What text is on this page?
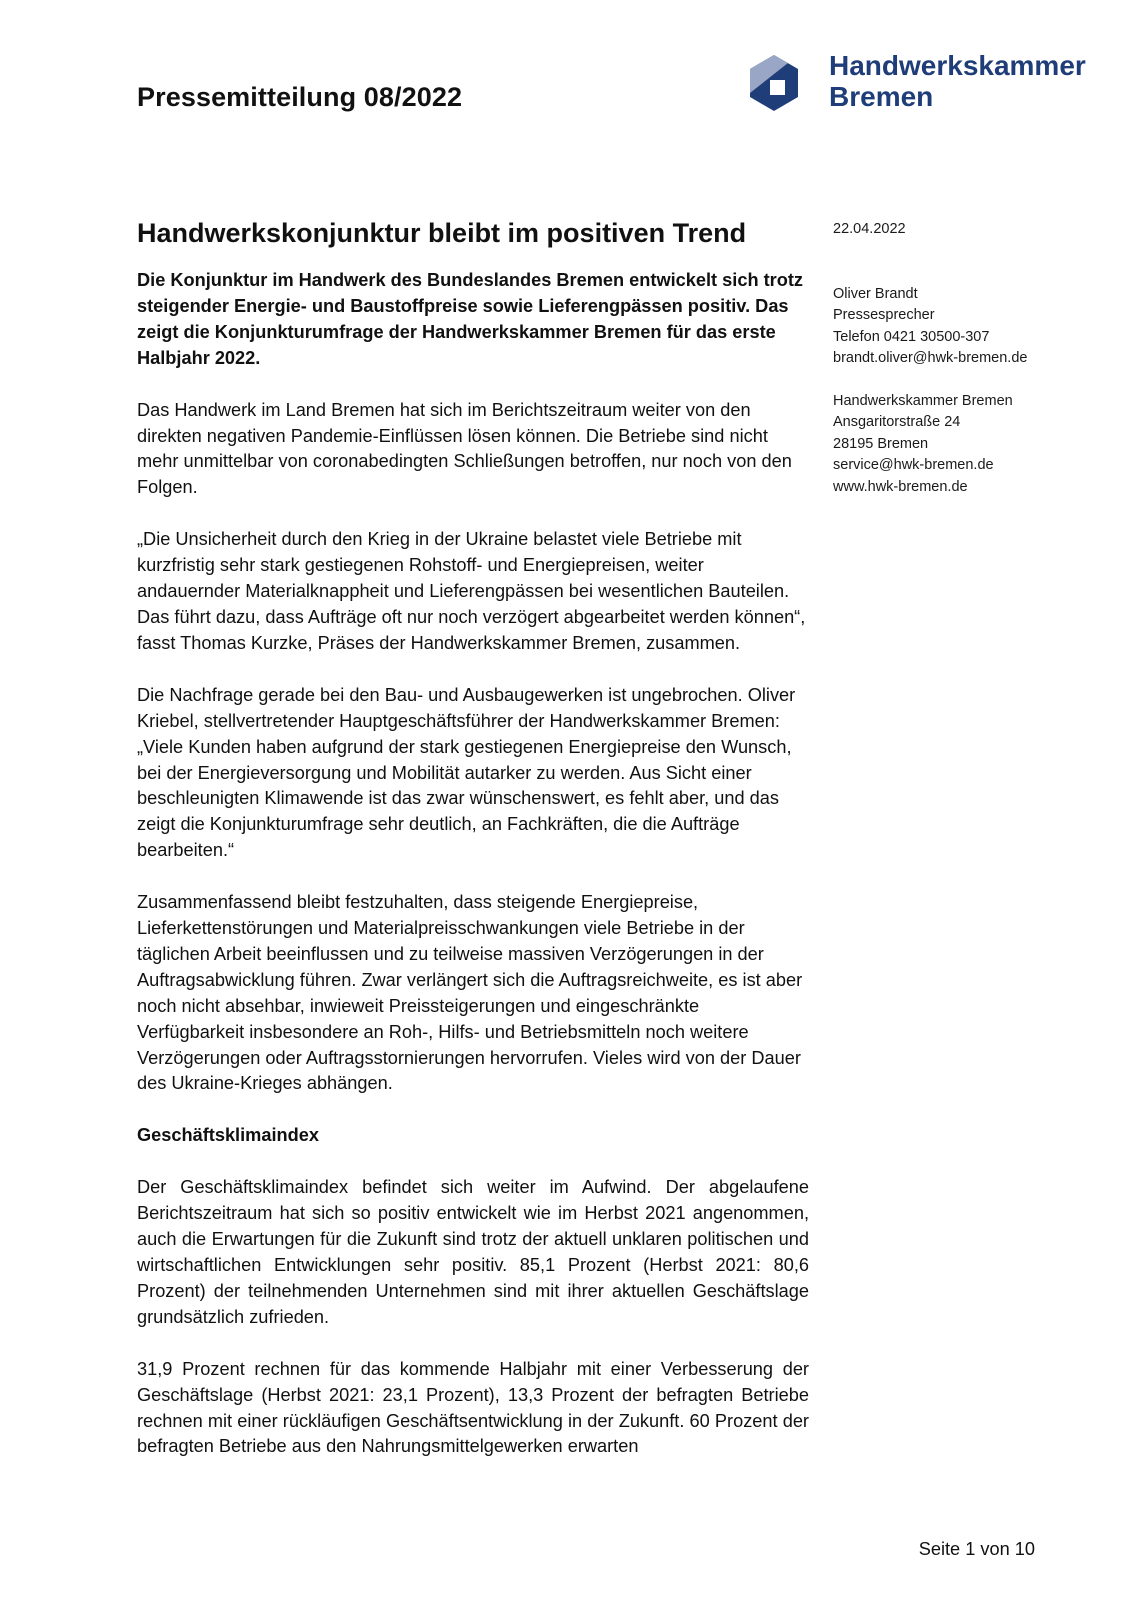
Pressemitteilung 08/2022
Handwerkskammer
Bremen
Handwerkskonjunktur bleibt im positiven Trend

Die Konjunktur im Handwerk des Bundeslandes Bremen entwickelt sich trotz steigender Energie- und Baustoffpreise sowie Lieferengpässen positiv. Das zeigt die Konjunkturumfrage der Handwerkskammer Bremen für das erste Halbjahr 2022.

Das Handwerk im Land Bremen hat sich im Berichtszeitraum weiter von den direkten negativen Pandemie-Einflüssen lösen können. Die Betriebe sind nicht mehr unmittelbar von coronabedingten Schließungen betroffen, nur noch von den Folgen.

„Die Unsicherheit durch den Krieg in der Ukraine belastet viele Betriebe mit kurzfristig sehr stark gestiegenen Rohstoff- und Energiepreisen, weiter andauernder Materialknappheit und Lieferengpässen bei wesentlichen Bauteilen. Das führt dazu, dass Aufträge oft nur noch verzögert abgearbeitet werden können“, fasst Thomas Kurzke, Präses der Handwerkskammer Bremen, zusammen.

Die Nachfrage gerade bei den Bau- und Ausbaugewerken ist ungebrochen. Oliver Kriebel, stellvertretender Hauptgeschäftsführer der Handwerkskammer Bremen: „Viele Kunden haben aufgrund der stark gestiegenen Energiepreise den Wunsch, bei der Energieversorgung und Mobilität autarker zu werden. Aus Sicht einer beschleunigten Klimawende ist das zwar wünschenswert, es fehlt aber, und das zeigt die Konjunkturumfrage sehr deutlich, an Fachkräften, die die Aufträge bearbeiten.“

Zusammenfassend bleibt festzuhalten, dass steigende Energiepreise, Lieferkettenstörungen und Materialpreisschwankungen viele Betriebe in der täglichen Arbeit beeinflussen und zu teilweise massiven Verzögerungen in der Auftragsabwicklung führen. Zwar verlängert sich die Auftragsreichweite, es ist aber noch nicht absehbar, inwieweit Preissteigerungen und eingeschränkte Verfügbarkeit insbesondere an Roh-, Hilfs- und Betriebsmitteln noch weitere Verzögerungen oder Auftragsstornierungen hervorrufen. Vieles wird von der Dauer des Ukraine-Krieges abhängen.

Geschäftsklimaindex

Der Geschäftsklimaindex befindet sich weiter im Aufwind. Der abgelaufene Berichtszeitraum hat sich so positiv entwickelt wie im Herbst 2021 angenommen, auch die Erwartungen für die Zukunft sind trotz der aktuell unklaren politischen und wirtschaftlichen Entwicklungen sehr positiv. 85,1 Prozent (Herbst 2021: 80,6 Prozent) der teilnehmenden Unternehmen sind mit ihrer aktuellen Geschäftslage grundsätzlich zufrieden.

31,9 Prozent rechnen für das kommende Halbjahr mit einer Verbesserung der Geschäftslage (Herbst 2021: 23,1 Prozent), 13,3 Prozent der befragten Betriebe rechnen mit einer rückläufigen Geschäftsentwicklung in der Zukunft. 60 Prozent der befragten Betriebe aus den Nahrungsmittelgewerken erwarten

22.04.2022
Oliver Brandt
Pressesprecher
Telefon 0421 30500-307
brandt.oliver@hwk-bremen.de
Handwerkskammer Bremen
Ansgaritorstraße 24
28195 Bremen
service@hwk-bremen.de
www.hwk-bremen.de
Seite 1 von 10
